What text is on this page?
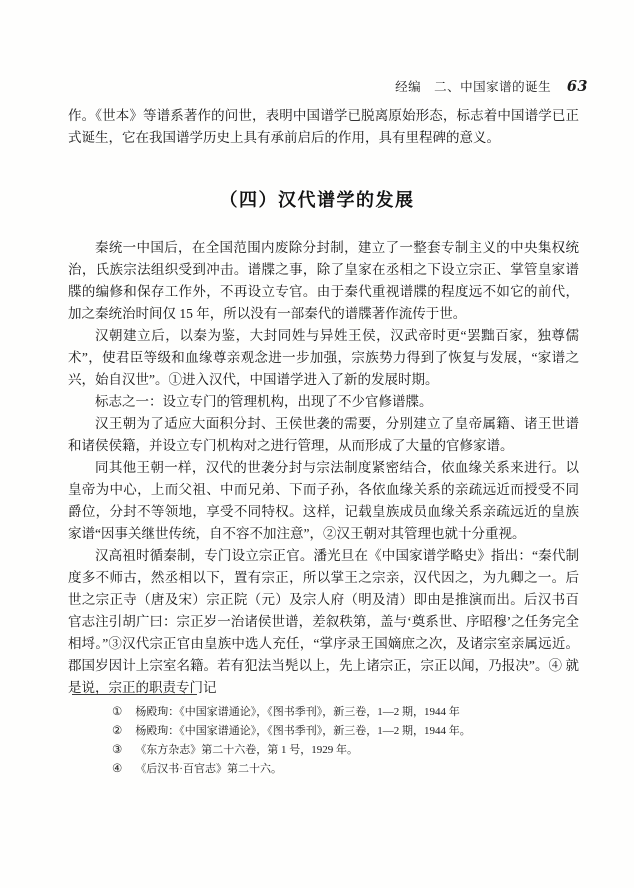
经编　二、中国家谱的诞生 63

作。《世本》等谱系著作的问世，表明中国谱学已脱离原始形态，标志着中国谱学已正式诞生，它在我国谱学历史上具有承前启后的作用，具有里程碑的意义。

（四）汉代谱学的发展

秦统一中国后，在全国范围内废除分封制，建立了一整套专制主义的中央集权统治，氏族宗法组织受到冲击。谱牒之事，除了皇家在丞相之下设立宗正、掌管皇家谱牒的编修和保存工作外，不再设立专官。由于秦代重视谱牒的程度远不如它的前代，加之秦统治时间仅 15 年，所以没有一部秦代的谱牒著作流传于世。

汉朝建立后，以秦为鉴，大封同姓与异姓王侯，汉武帝时更“罢黜百家，独尊儒术”，使君臣等级和血缘尊亲观念进一步加强，宗族势力得到了恢复与发展，“家谱之兴，始自汉世”。①进入汉代，中国谱学进入了新的发展时期。

标志之一：设立专门的管理机构，出现了不少官修谱牒。

汉王朝为了适应大面积分封、王侯世袭的需要，分别建立了皇帝属籍、诸王世谱和诸侯侯籍，并设立专门机构对之进行管理，从而形成了大量的官修家谱。

同其他王朝一样，汉代的世袭分封与宗法制度紧密结合，依血缘关系来进行。以皇帝为中心，上而父祖、中而兄弟、下而子孙，各依血缘关系的亲疏远近而授受不同爵位，分封不等领地，享受不同特权。这样，记载皇族成员血缘关系亲疏远近的皇族家谱“因事关继世传统，自不容不加注意”，②汉王朝对其管理也就十分重视。

汉高祖时循秦制，专门设立宗正官。潘光旦在《中国家谱学略史》指出：“秦代制度多不师古，然丞相以下，置有宗正，所以掌王之宗亲，汉代因之，为九卿之一。后世之宗正寺（唐及宋）宗正院（元）及宗人府（明及清）即由是推演而出。后汉书百官志注引胡广曰：宗正岁一治诸侯世谱，差叙秩第，盖与‘奠系世、序昭穆’之任务完全相埒。”③汉代宗正官由皇族中选人充任，“掌序录王国嫡庶之次，及诸宗室亲属远近。郡国岁因计上宗室名籍。若有犯法当髡以上，先上诸宗正，宗正以闻，乃报决”。④ 就是说，宗正的职责专门记

① 杨殿珣：《中国家谱通论》，《图书季刊》，新三卷，1—2 期，1944 年
② 杨殿珣：《中国家谱通论》，《图书季刊》，新三卷，1—2 期，1944 年。
③ 《东方杂志》第二十六卷，第 1 号，1929 年。
④ 《后汉书·百官志》第二十六。
